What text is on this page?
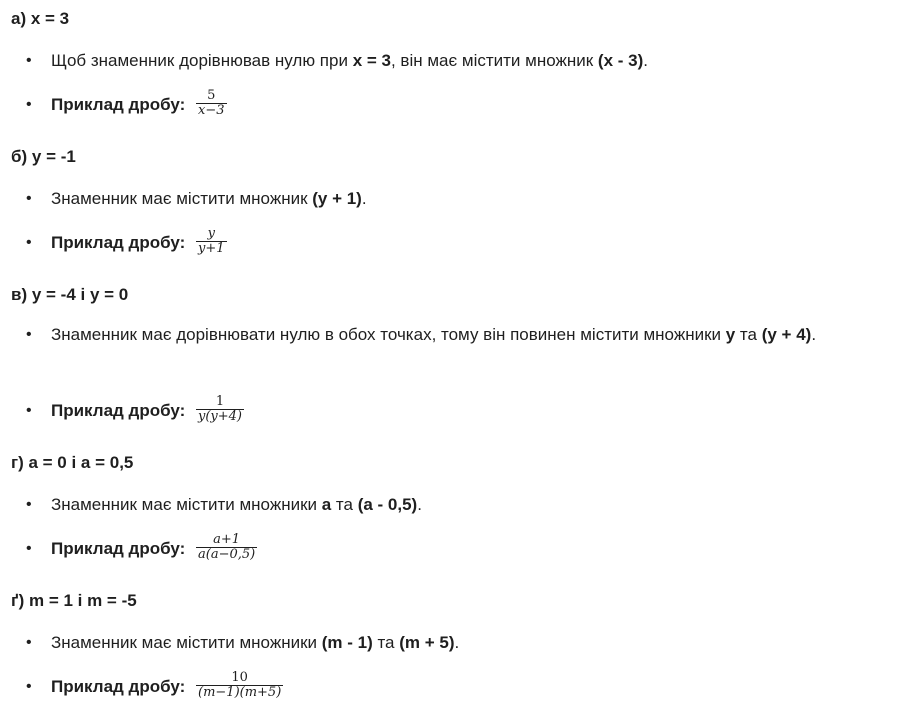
а) x = 3
• Щоб знаменник дорівнював нулю при x = 3, він має містити множник (x - 3).
• Приклад дробу: $\frac{5}{x-3}$
б) y = -1
• Знаменник має містити множник (y + 1).
• Приклад дробу: $\frac{y}{y+1}$
в) y = -4 і y = 0
• Знаменник має дорівнювати нулю в обох точках, тому він повинен містити множники y та (y + 4).
• Приклад дробу: $\frac{1}{y(y+4)}$
г) a = 0 і a = 0,5
• Знаменник має містити множники a та (a - 0,5).
• Приклад дробу: $\frac{a+1}{a(a-0,5)}$
ґ) m = 1 і m = -5
• Знаменник має містити множники (m - 1) та (m + 5).
• Приклад дробу: $\frac{10}{(m-1)(m+5)}$
